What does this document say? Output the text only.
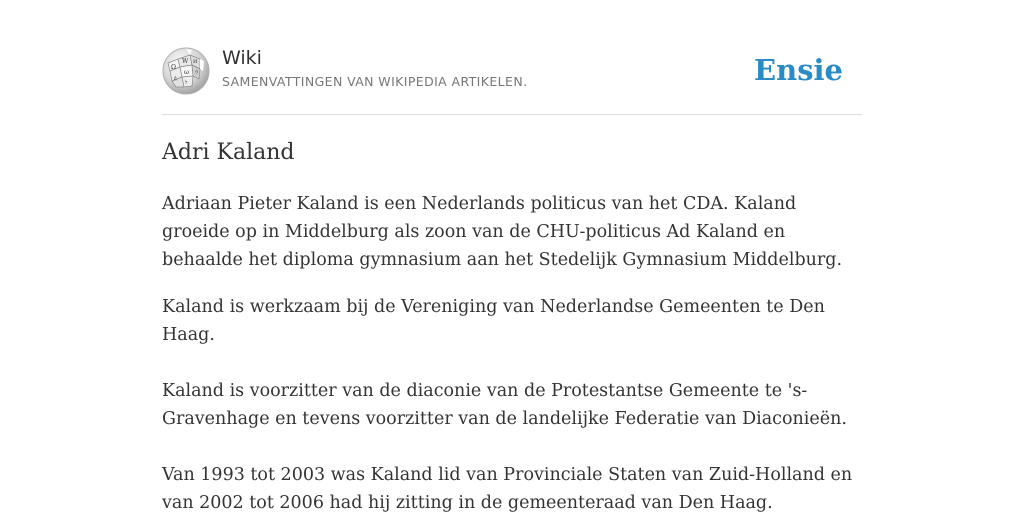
Ω
W И
ω
ع
ウ
ל
Wiki
SAMENVATTINGEN VAN WIKIPEDIA ARTIKELEN.	Ensie
Adri Kaland

Adriaan Pieter Kaland is een Nederlands politicus van het CDA. Kaland groeide op in Middelburg als zoon van de CHU-politicus Ad Kaland en behaalde het diploma gymnasium aan het Stedelijk Gymnasium Middelburg.

Kaland is werkzaam bij de Vereniging van Nederlandse Gemeenten te Den Haag.

Kaland is voorzitter van de diaconie van de Protestantse Gemeente te 's-Gravenhage en tevens voorzitter van de landelijke Federatie van Diaconieën.

Van 1993 tot 2003 was Kaland lid van Provinciale Staten van Zuid-Holland en van 2002 tot 2006 had hij zitting in de gemeenteraad van Den Haag.
